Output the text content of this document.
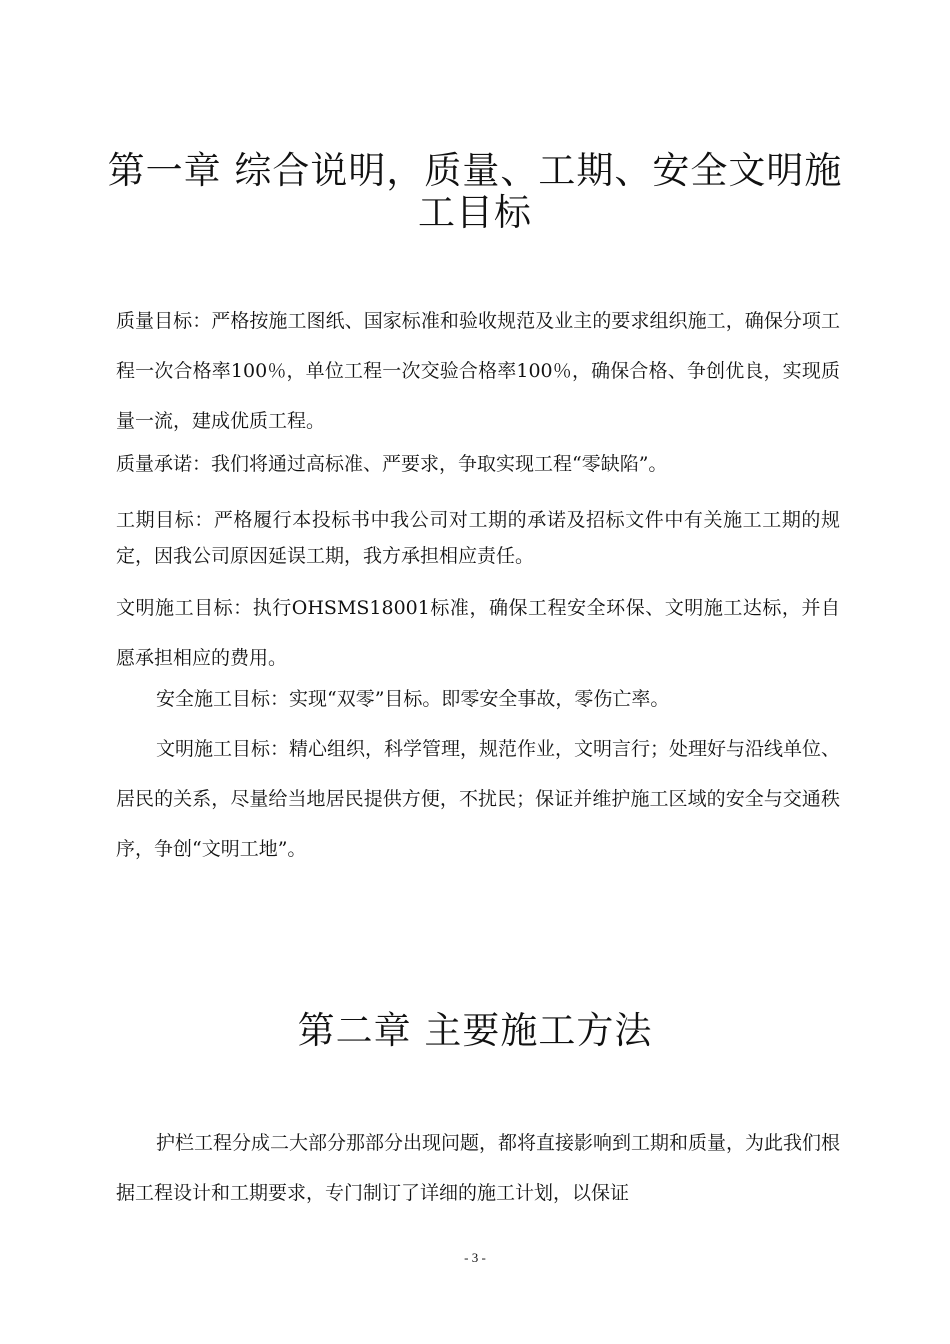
第一章 综合说明，质量、工期、安全文明施工目标

质量目标：严格按施工图纸、国家标准和验收规范及业主的要求组织施工，确保分项工程一次合格率100％，单位工程一次交验合格率100％，确保合格、争创优良，实现质量一流，建成优质工程。

质量承诺：我们将通过高标准、严要求，争取实现工程“零缺陷”。

工期目标：严格履行本投标书中我公司对工期的承诺及招标文件中有关施工工期的规定，因我公司原因延误工期，我方承担相应责任。

文明施工目标：执行OHSMS18001标准，确保工程安全环保、文明施工达标，并自愿承担相应的费用。

安全施工目标：实现“双零”目标。即零安全事故，零伤亡率。

文明施工目标：精心组织，科学管理，规范作业，文明言行；处理好与沿线单位、居民的关系，尽量给当地居民提供方便，不扰民；保证并维护施工区域的安全与交通秩序，争创“文明工地”。

第二章 主要施工方法

护栏工程分成二大部分那部分出现问题，都将直接影响到工期和质量，为此我们根据工程设计和工期要求，专门制订了详细的施工计划，以保证

- 3 -
